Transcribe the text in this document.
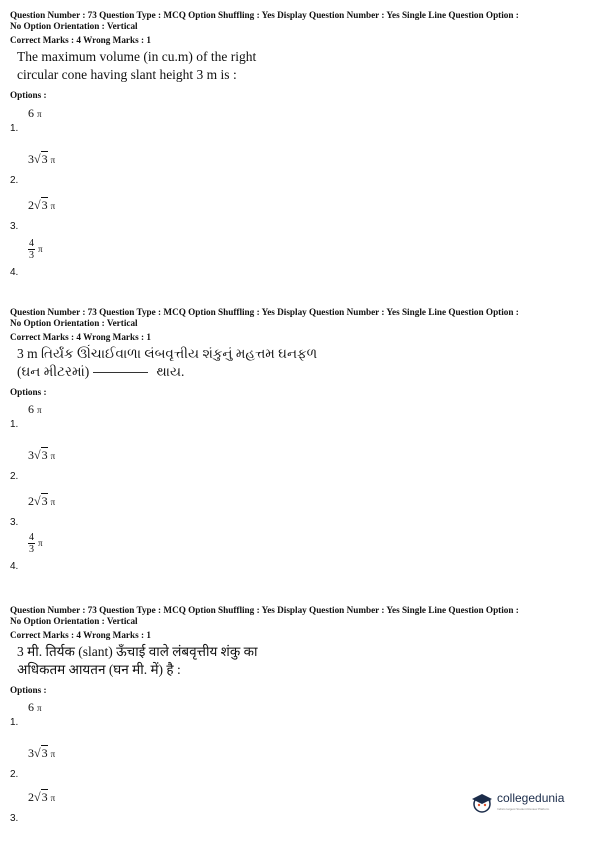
Question Number : 73 Question Type : MCQ Option Shuffling : Yes Display Question Number : Yes Single Line Question Option :
No Option Orientation : Vertical
Correct Marks : 4 Wrong Marks : 1
The maximum volume (in cu.m) of the right
circular cone having slant height 3 m is :
Options :
6 π
1.
3√3 π
2.
2√3 π
3.
$\frac{4}{3}$ π
4.
Question Number : 73 Question Type : MCQ Option Shuffling : Yes Display Question Number : Yes Single Line Question Option :
No Option Orientation : Vertical
Correct Marks : 4 Wrong Marks : 1
3 m તિર્યંક ઊંચાઈવાળા લંબવૃત્તીય શંકુનું મહત્તમ ઘનફળ
(ઘન મીટરમાં)	થાય.
Options :
6 π
1.
3√3 π
2.
2√3 π
3.
$\frac{4}{3}$ π
4.
Question Number : 73 Question Type : MCQ Option Shuffling : Yes Display Question Number : Yes Single Line Question Option :
No Option Orientation : Vertical
Correct Marks : 4 Wrong Marks : 1
3 मी. तिर्यक (slant) ऊँचाई वाले लंबवृत्तीय शंकु का
अधिकतम आयतन (घन मी. में) है :
Options :
6 π
1.
3√3 π
2.
2√3 π
3.
collegedunia
India's largest Student Review Platform
